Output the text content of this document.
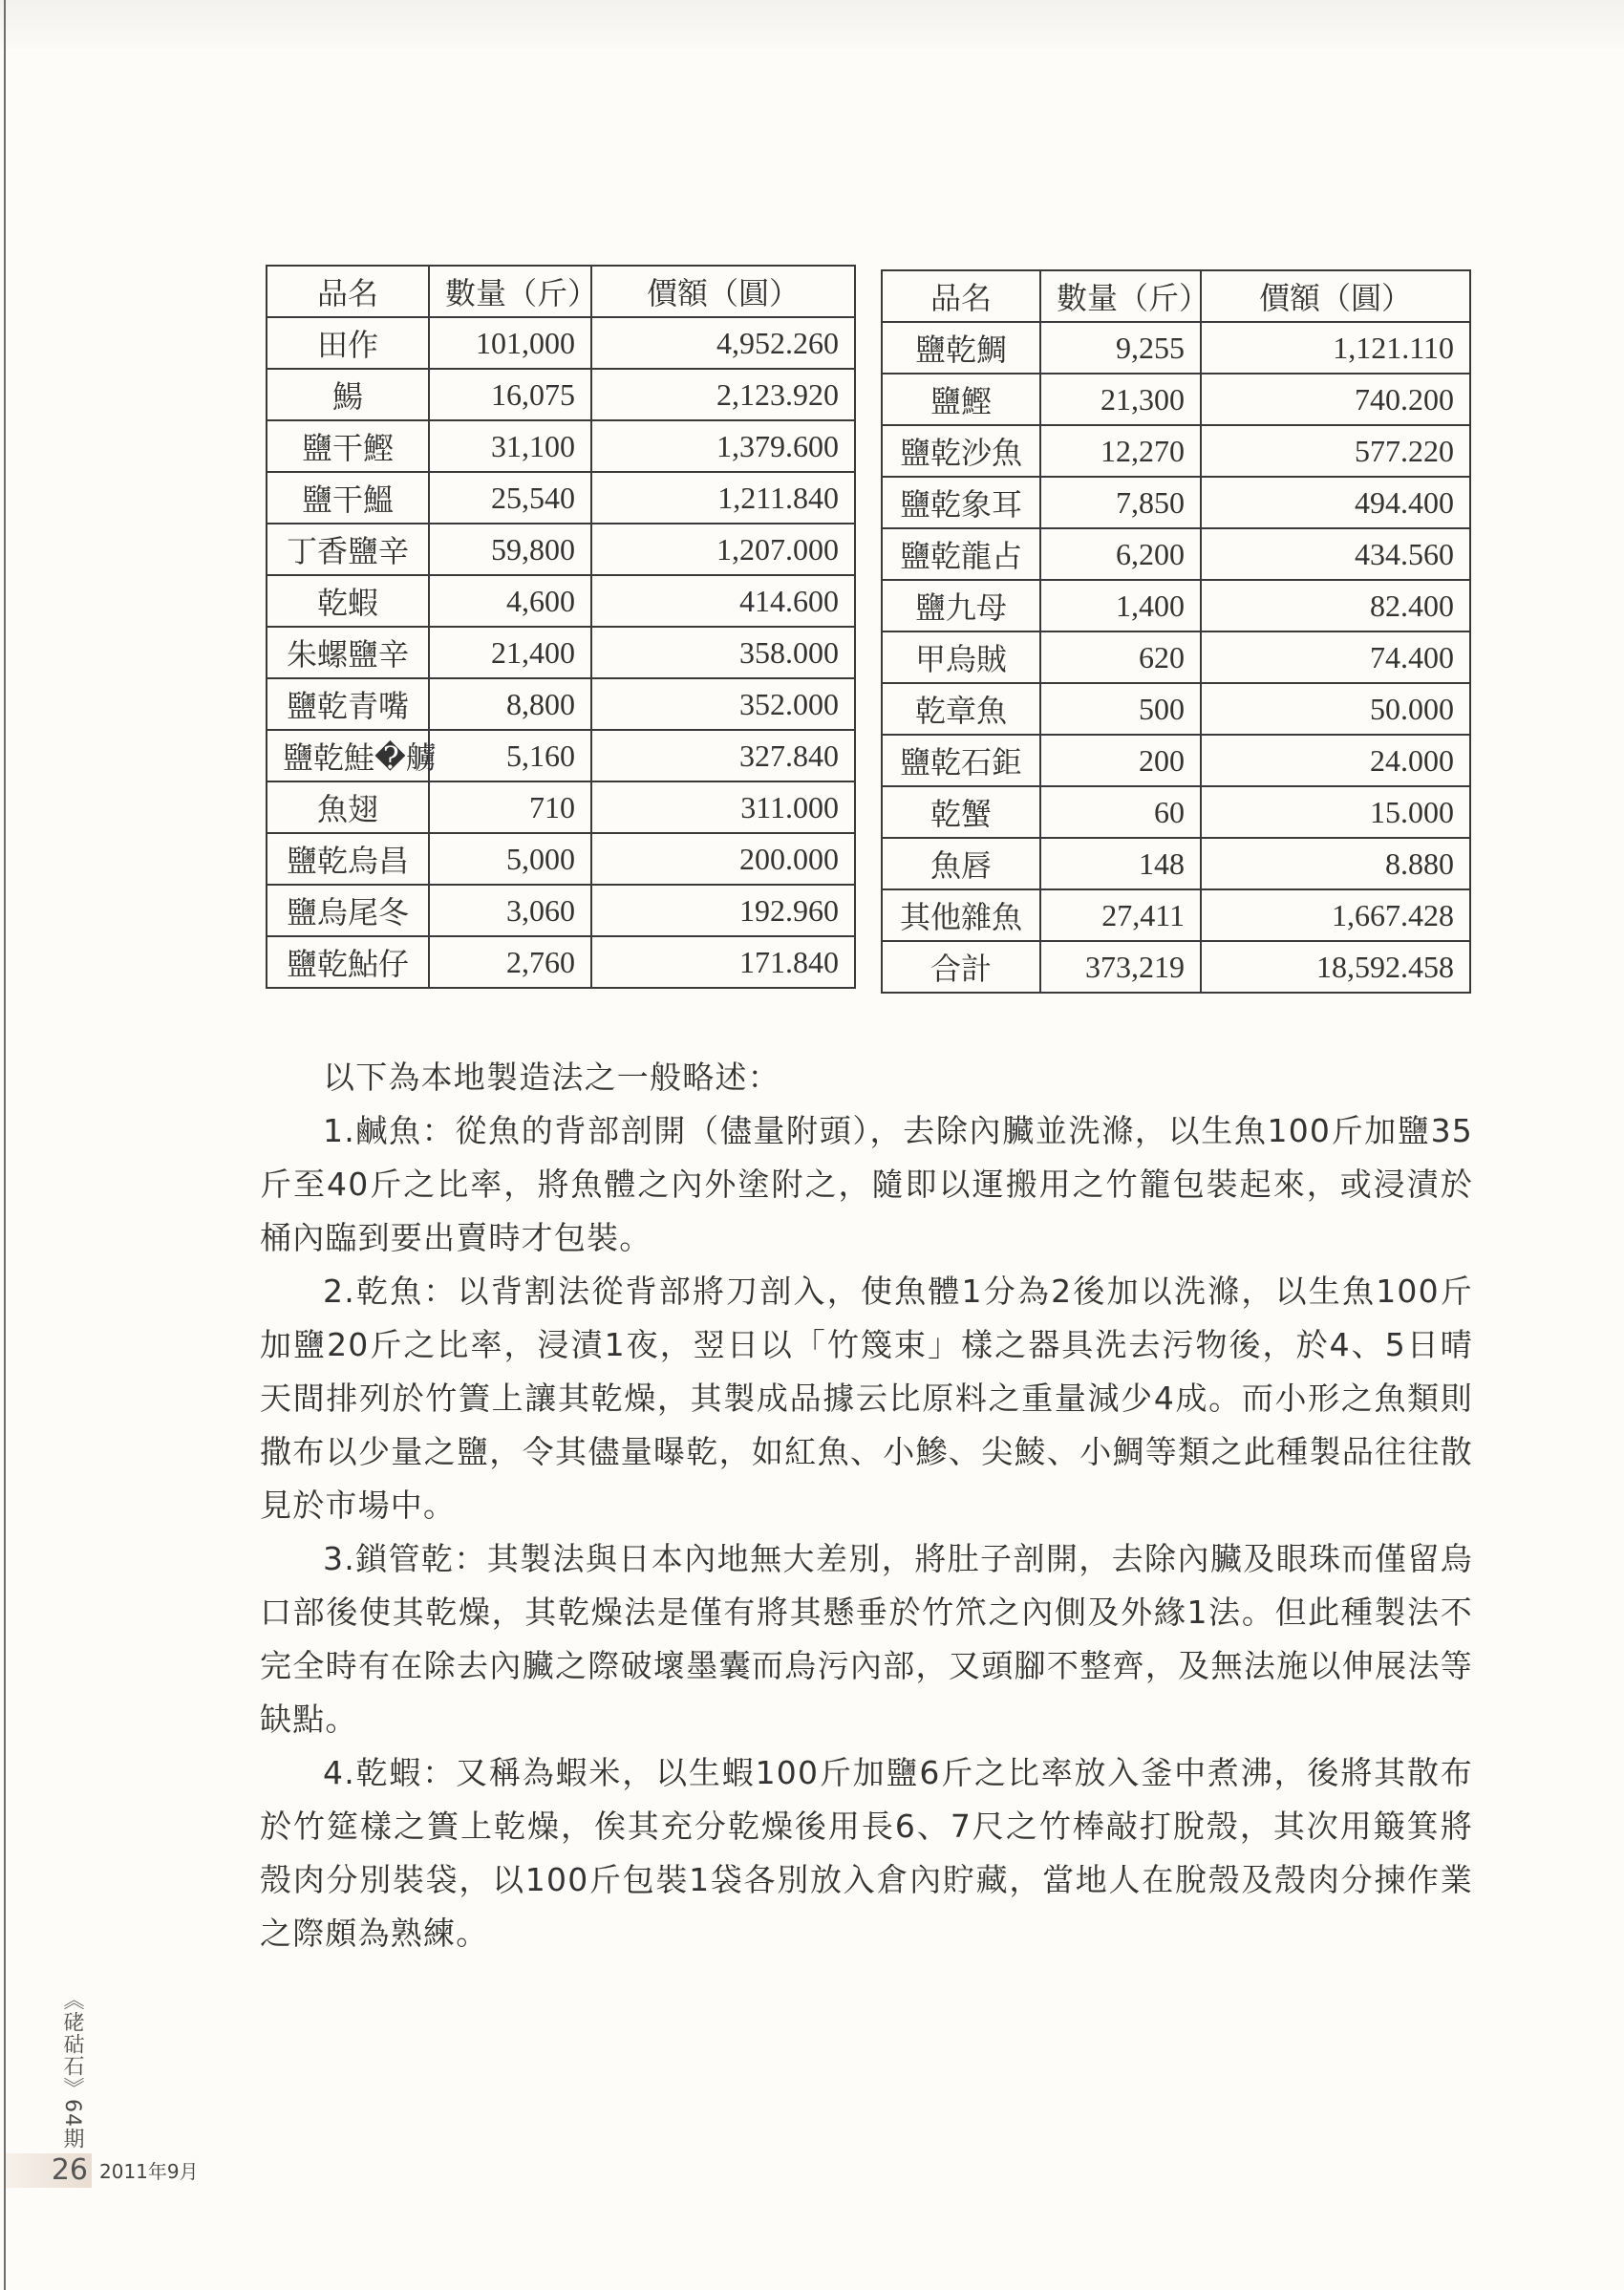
品名	數量（斤）	價額（圓）
田作	101,000	4,952.260
鰑	16,075	2,123.920
鹽干鰹	31,100	1,379.600
鹽干鰮	25,540	1,211.840
丁香鹽辛	59,800	1,207.000
乾蝦	4,600	414.600
朱螺鹽辛	21,400	358.000
鹽乾青嘴	8,800	352.000
鹽乾鮭�艣	5,160	327.840
魚翅	710	311.000
鹽乾烏昌	5,000	200.000
鹽烏尾冬	3,060	192.960
鹽乾鮎仔	2,760	171.840
品名	數量（斤）	價額（圓）
鹽乾鯛	9,255	1,121.110
鹽鰹	21,300	740.200
鹽乾沙魚	12,270	577.220
鹽乾象耳	7,850	494.400
鹽乾龍占	6,200	434.560
鹽九母	1,400	82.400
甲烏賊	620	74.400
乾章魚	500	50.000
鹽乾石鉅	200	24.000
乾蟹	60	15.000
魚唇	148	8.880
其他雜魚	27,411	1,667.428
合計	373,219	18,592.458

以下為本地製造法之一般略述：

1.鹹魚：從魚的背部剖開（儘量附頭），去除內臟並洗滌，以生魚100斤加鹽35斤至40斤之比率，將魚體之內外塗附之，隨即以運搬用之竹籠包裝起來，或浸漬於桶內臨到要出賣時才包裝。

2.乾魚：以背割法從背部將刀剖入，使魚體1分為2後加以洗滌，以生魚100斤加鹽20斤之比率，浸漬1夜，翌日以「竹篾束」樣之器具洗去污物後，於4、5日晴天間排列於竹簀上讓其乾燥，其製成品據云比原料之重量減少4成。而小形之魚類則撒布以少量之鹽，令其儘量曝乾，如紅魚、小鰺、尖鯪、小鯛等類之此種製品往往散見於市場中。

3.鎖管乾：其製法與日本內地無大差別，將肚子剖開，去除內臟及眼珠而僅留烏口部後使其乾燥，其乾燥法是僅有將其懸垂於竹笊之內側及外緣1法。但此種製法不完全時有在除去內臟之際破壞墨囊而烏污內部，又頭腳不整齊，及無法施以伸展法等缺點。

4.乾蝦：又稱為蝦米，以生蝦100斤加鹽6斤之比率放入釜中煮沸，後將其散布於竹筵樣之簣上乾燥，俟其充分乾燥後用長6、7尺之竹棒敲打脫殼，其次用簸箕將殼肉分別裝袋，以100斤包裝1袋各別放入倉內貯藏，當地人在脫殼及殼肉分揀作業之際頗為熟練。

《硓𥑮石》64期
26 2011年9月
